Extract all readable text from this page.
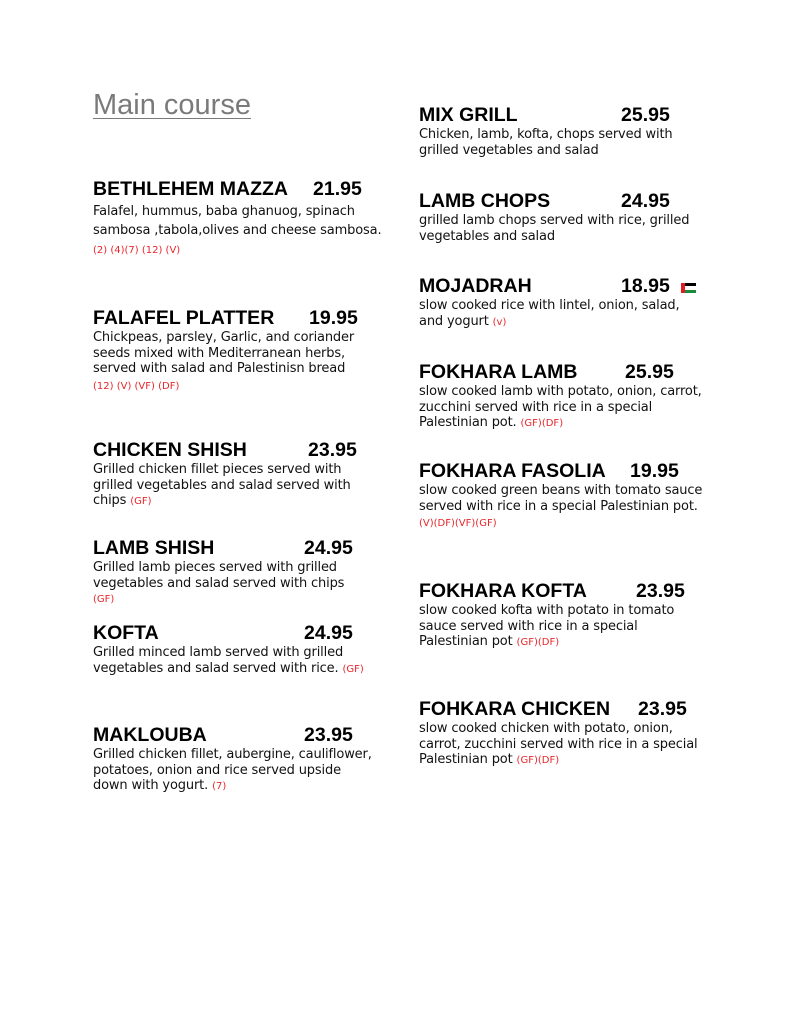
Main course
BETHLEHEM MAZZA 21.95
Falafel, hummus, baba ghanuog, spinach sambosa ,tabola,olives and cheese sambosa. (2) (4)(7) (12) (V)
FALAFEL PLATTER 19.95
Chickpeas, parsley, Garlic, and coriander seeds mixed with Mediterranean herbs, served with salad and Palestinisn bread
(12) (V) (VF) (DF)
CHICKEN SHISH	23.95
Grilled chicken fillet pieces served with grilled vegetables and salad served with chips (GF)
LAMB SHISH	24.95
Grilled lamb pieces served with grilled vegetables and salad served with chips (GF)
KOFTA	24.95
Grilled minced lamb served with grilled vegetables and salad served with rice. (GF)
MAKLOUBA	23.95
Grilled chicken fillet, aubergine, cauliflower, potatoes, onion and rice served upside down with yogurt. (7)
MIX GRILL	25.95
Chicken, lamb, kofta, chops served with grilled vegetables and salad
LAMB CHOPS	24.95
grilled lamb chops served with rice, grilled vegetables and salad
MOJADRAH	18.95
slow cooked rice with lintel, onion, salad, and yogurt (v)
FOKHARA LAMB 25.95
slow cooked lamb with potato, onion, carrot, zucchini served with rice in a special Palestinian pot. (GF)(DF)
FOKHARA FASOLIA 19.95
slow cooked green beans with tomato sauce served with rice in a special Palestinian pot.
(V)(DF)(VF)(GF)
FOKHARA KOFTA	23.95
slow cooked kofta with potato in tomato sauce served with rice in a special Palestinian pot (GF)(DF)
FOHKARA CHICKEN 23.95
slow cooked chicken with potato, onion, carrot, zucchini served with rice in a special Palestinian pot (GF)(DF)
